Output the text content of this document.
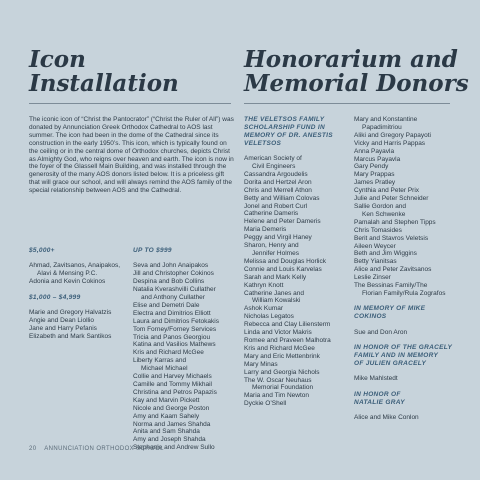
Icon
Installation
Honorarium and
Memorial Donors

The iconic icon of “Christ the Pantocrator” (“Christ the Ruler of All”) was donated by Annunciation Greek Orthodox Cathedral to AOS last summer. The icon had been in the dome of the Cathedral since its construction in the early 1950’s. This icon, which is typically found on the ceiling or in the central dome of Orthodox churches, depicts Christ as Almighty God, who reigns over heaven and earth. The icon is now in the foyer of the Glassell Main Building, and was installed through the generosity of the many AOS donors listed below. It is a priceless gift that will grace our school, and will always remind the AOS family of the special relationship between AOS and the Cathedral.

$5,000+
Ahmad, Zavitsanos, Anaipakos,
Alavi & Mensing P.C.
Adonia and Kevin Cokinos
$1,000 – $4,999
Marie and Gregory Halvatzis
Angie and Dean Liollio
Jane and Harry Pefanis
Elizabeth and Mark Santikos
UP TO $999
Seva and John Anaipakos
Jill and Christopher Cokinos
Despina and Bob Collins
Natalia Kverashvilli Cullather
and Anthony Cullather
Elise and Demetri Dale
Electra and Dimitrios Elliott
Laura and Dimitrios Fetokakis
Tom Forney/Forney Services
Tricia and Panos Georgiou
Katina and Vasilios Mathews
Kris and Richard McGee
Liberty Karras and
Michael Michael
Collie and Harvey Michaels
Camille and Tommy Mikhail
Christina and Petros Papazis
Kay and Marvin Pickett
Nicole and George Poston
Amy and Kaam Sahely
Norma and James Shahda
Anita and Sam Shahda
Amy and Joseph Shahda
Stephanie and Andrew Sullo
THE VELETSOS FAMILY
SCHOLARSHIP FUND IN
MEMORY OF DR. ANESTIS
VELETSOS
American Society of
Civil Engineers
Cassandra Argoudelis
Dorita and Hertzel Aron
Chris and Merrell Athon
Betty and William Colovas
Jonel and Robert Curl
Catherine Dameris
Helene and Peter Dameris
Maria Demeris
Peggy and Virgil Haney
Sharon, Henry and
Jennifer Holmes
Melissa and Douglas Horlick
Connie and Louis Karvelas
Sarah and Mark Kelly
Kathryn Knott
Catherine Janes and
William Kowalski
Ashok Kumar
Nicholas Legatos
Rebecca and Clay Liliensterm
Linda and Victor Makris
Romee and Praveen Malhotra
Kris and Richard McGee
Mary and Eric Mettenbrink
Mary Minas
Larry and Georgia Nichols
The W. Oscar Neuhaus
Memorial Foundation
Maria and Tim Newton
Dyckie O’Shell
Mary and Konstantine
Papadimitriou
Aliki and Gregory Papayoti
Vicky and Harris Pappas
Anna Payavla
Marcus Payavla
Gary Pendy
Mary Prappas
James Pratley
Cynthia and Peter Prix
Julie and Peter Schneider
Sallie Gordon and
Ken Schwenke
Pamalah and Stephen Tipps
Chris Tomasides
Berit and Stavros Veletsis
Aileen Weycer
Beth and Jim Wiggins
Betty Yianitsas
Alice and Peter Zavitsanos
Leslie Zinser
The Bessinas Family/The
Florian Family/Rula Zografos
IN MEMORY OF MIKE
COKINOS
Sue and Don Aron
IN HONOR OF THE GRACELY
FAMILY AND IN MEMORY
OF JULIEN GRACELY
Mike Mahlstedt
IN HONOR OF
NATALIE GRAY
Alice and Mike Conlon
20 ANNUNCIATION ORTHODOX SCHOOL
